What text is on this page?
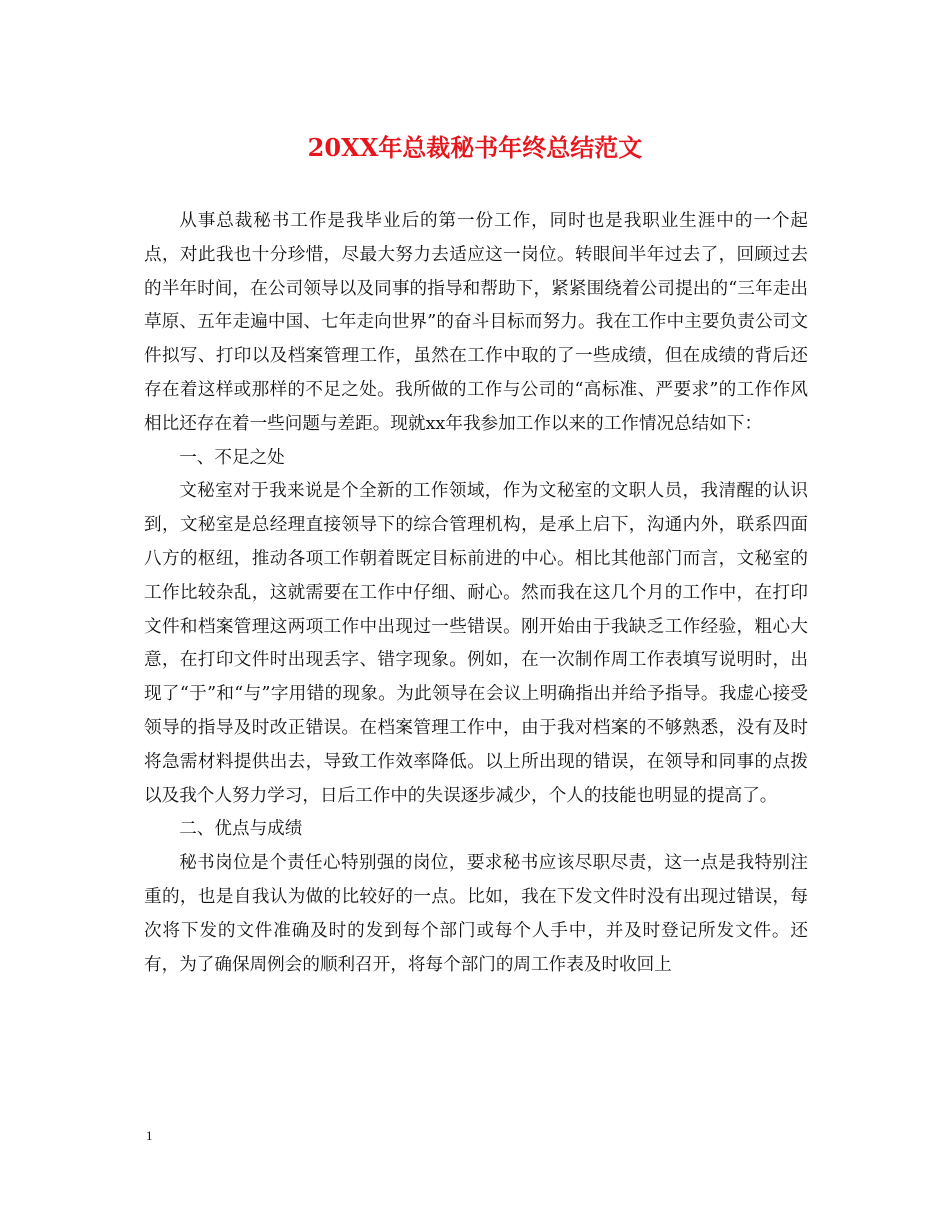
20XX年总裁秘书年终总结范文

从事总裁秘书工作是我毕业后的第一份工作，同时也是我职业生涯中的一个起点，对此我也十分珍惜，尽最大努力去适应这一岗位。转眼间半年过去了，回顾过去的半年时间，在公司领导以及同事的指导和帮助下，紧紧围绕着公司提出的“三年走出草原、五年走遍中国、七年走向世界”的奋斗目标而努力。我在工作中主要负责公司文件拟写、打印以及档案管理工作，虽然在工作中取的了一些成绩，但在成绩的背后还存在着这样或那样的不足之处。我所做的工作与公司的“高标准、严要求”的工作作风相比还存在着一些问题与差距。现就xx年我参加工作以来的工作情况总结如下：

一、不足之处

文秘室对于我来说是个全新的工作领域，作为文秘室的文职人员，我清醒的认识到，文秘室是总经理直接领导下的综合管理机构，是承上启下，沟通内外，联系四面八方的枢纽，推动各项工作朝着既定目标前进的中心。相比其他部门而言，文秘室的工作比较杂乱，这就需要在工作中仔细、耐心。然而我在这几个月的工作中，在打印文件和档案管理这两项工作中出现过一些错误。刚开始由于我缺乏工作经验，粗心大意，在打印文件时出现丢字、错字现象。例如，在一次制作周工作表填写说明时，出现了“于”和“与”字用错的现象。为此领导在会议上明确指出并给予指导。我虚心接受领导的指导及时改正错误。在档案管理工作中，由于我对档案的不够熟悉，没有及时将急需材料提供出去，导致工作效率降低。以上所出现的错误，在领导和同事的点拨以及我个人努力学习，日后工作中的失误逐步减少，个人的技能也明显的提高了。

二、优点与成绩

秘书岗位是个责任心特别强的岗位，要求秘书应该尽职尽责，这一点是我特别注重的，也是自我认为做的比较好的一点。比如，我在下发文件时没有出现过错误，每次将下发的文件准确及时的发到每个部门或每个人手中，并及时登记所发文件。还有，为了确保周例会的顺利召开，将每个部门的周工作表及时收回上

1
